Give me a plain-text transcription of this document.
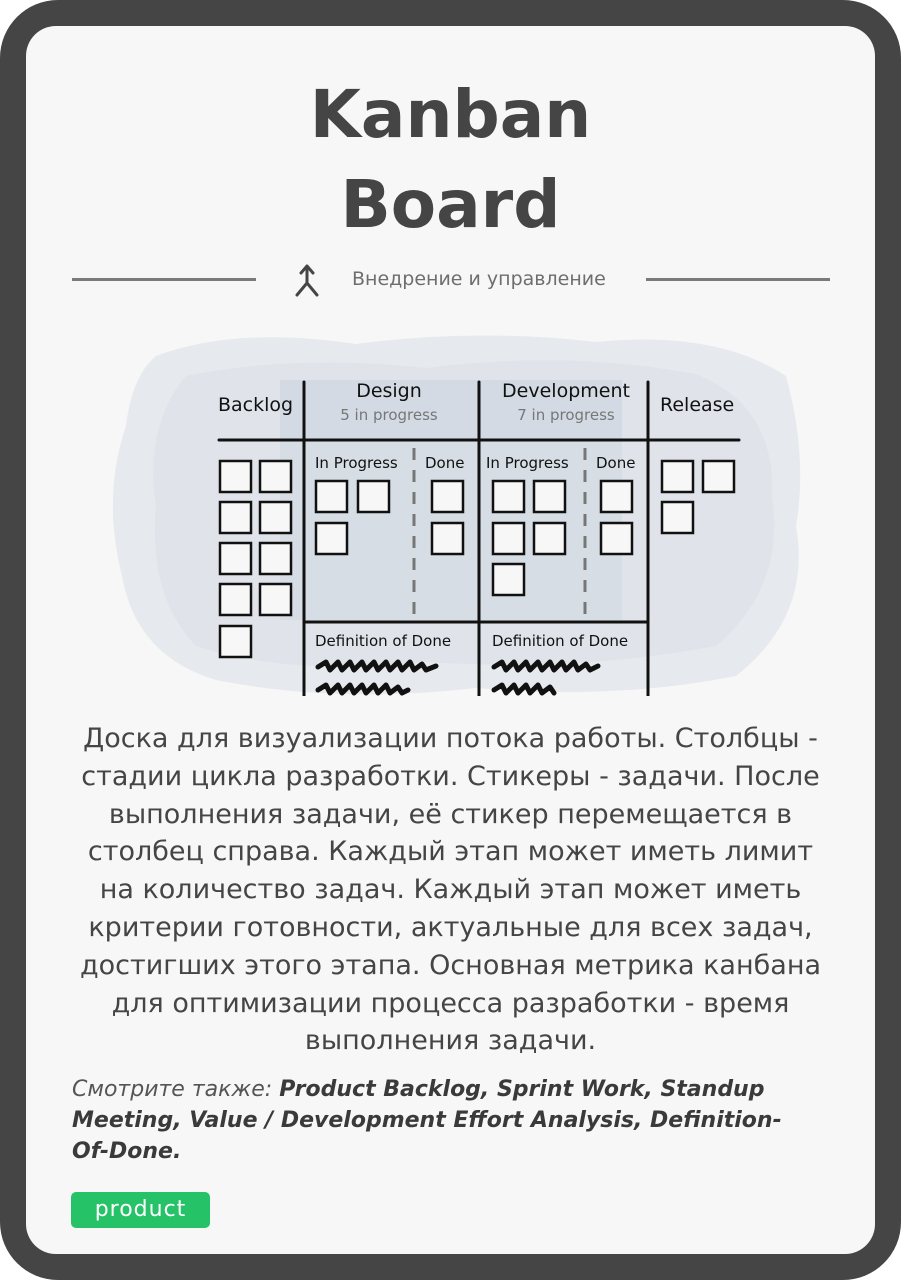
Kanban
Board
Внедрение и управление
Backlog
Design
5 in progress
Development
7 in progress Release
In Progress Done In Progress Done
Definition of Done	Definition of Done

Доска для визуализации потока работы. Столбцы - стадии цикла разработки. Стикеры - задачи. После выполнения задачи, её стикер перемещается в столбец справа. Каждый этап может иметь лимит на количество задач. Каждый этап может иметь критерии готовности, актуальные для всех задач, достигших этого этапа. Основная метрика канбана для оптимизации процесса разработки - время выполнения задачи.

Смотрите также: Product Backlog, Sprint Work, Standup Meeting, Value / Development Effort Analysis, Definition-Of-Done.

product
